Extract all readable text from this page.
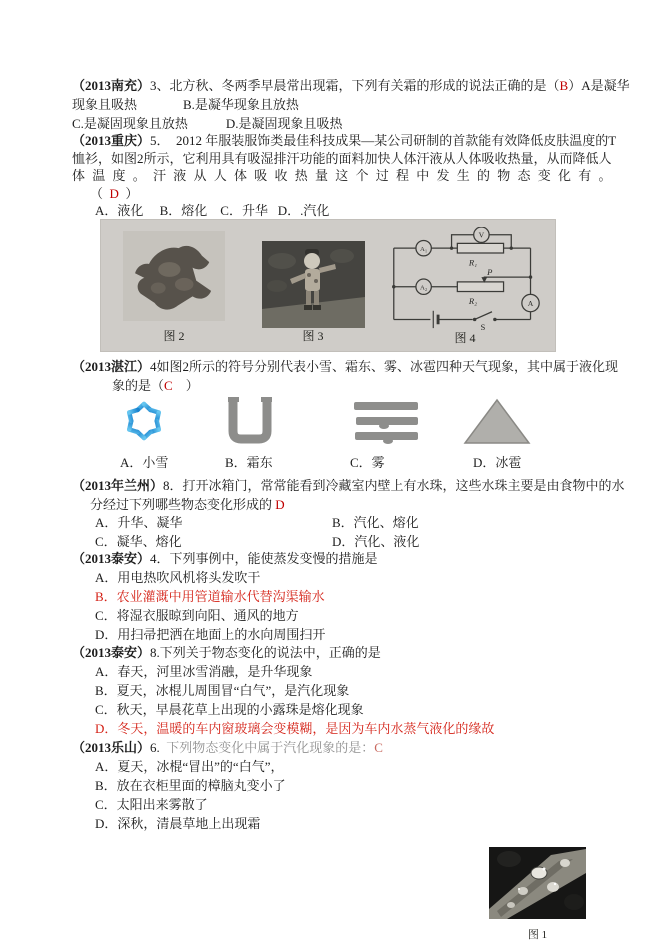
（2013南充）3、北方秋、冬两季早晨常出现霜，下列有关霜的形成的说法正确的是（B）A是凝华
现象且吸热	B.是凝华现象且放热
C.是凝固现象且放热	D.是凝固现象且吸热
（2013重庆）5．  2012 年服装服饰类最佳科技成果—某公司研制的首款能有效降低皮肤温度的T
恤衫，如图2所示，它利用具有吸湿排汗功能的面料加快人体汗液从人体吸收热量，从而降低人
体 温 度 。 汗 液 从 人 体 吸 收 热 量 这 个 过 程 中 发 生 的 物 态 变 化 有 。
（  D  ）
A．液化     B．熔化    C．升华   D．.汽化
图 2	图 3
V
A₁
A₂
A
R₁
R₂
P
S
图 4
（2013湛江）4如图2所示的符号分别代表小雪、霜东、雾、冰雹四种天气现象，其中属于液化现
象的是（C    ）
A．小雪	B．霜东	C．雾	D．冰雹
（2013年兰州）8．打开冰箱门，常常能看到冷藏室内壁上有水珠，这些水珠主要是由食物中的水
分经过下列哪些物态变化形成的 D
A．升华、凝华	B．汽化、熔化
C．凝华、熔化	D．汽化、液化
（2013泰安）4．下列事例中，能使蒸发变慢的措施是
A．用电热吹风机将头发吹干
B．农业灌溉中用管道输水代替沟渠输水
C．将湿衣服晾到向阳、通风的地方
D．用扫帚把洒在地面上的水向周围扫开
（2013泰安）8.下列关于物态变化的说法中，正确的是
A．春天，河里冰雪消融，是升华现象
B．夏天，冰棍儿周围冒“白气”，是汽化现象
C．秋天，早晨花草上出现的小露珠是熔化现象
D．冬天，温暖的车内窗玻璃会变模糊，是因为车内水蒸气液化的缘故
（2013乐山）6.  下列物态变化中属于汽化现象的是：C
A．夏天，冰棍“冒出”的“白气”，
B．放在衣柜里面的樟脑丸变小了
C．太阳出来雾散了
D．深秋，清晨草地上出现霜
图 1
